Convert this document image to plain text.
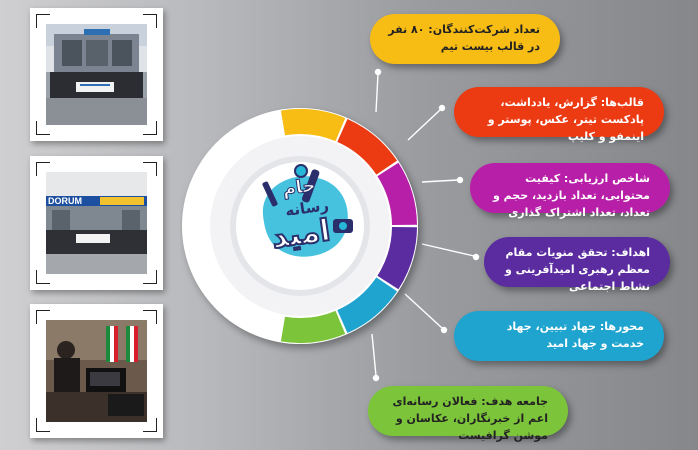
DORUM
جام
رسانه
امید
تعداد شرکت‌کنندگان: ۸۰ نفر در قالب بیست تیم
قالب‌ها: گزارش، یادداشت، پادکست تیتر، عکس، پوستر و اینمفو و کلیپ
شاخص ارزیابی: کیفیت محتوایی، تعداد بازدید، حجم و تعداد، تعداد اشتراک گذاری
اهداف: تحقق منویات مقام معظم رهبری امیدآفرینی و نشاط اجتماعی
محورها: جهاد تبیین، جهاد خدمت و جهاد امید
جامعه هدف: فعالان رسانه‌ای اعم از خبرنگاران، عکاسان و موشن گرافیست
